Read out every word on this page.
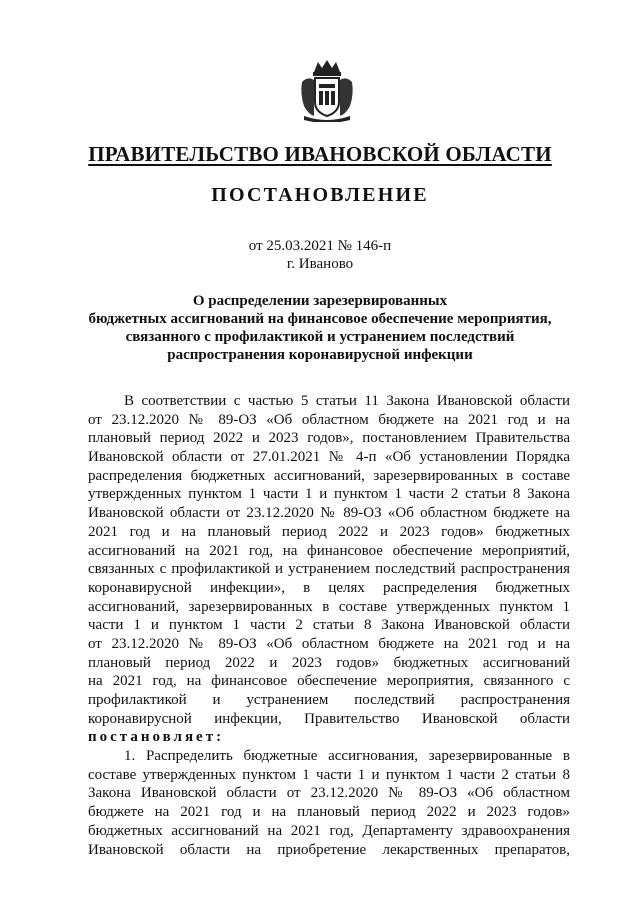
ПРАВИТЕЛЬСТВО ИВАНОВСКОЙ ОБЛАСТИ
ПОСТАНОВЛЕНИЕ
от 25.03.2021 № 146-п
г. Иваново
О распределении зарезервированных
бюджетных ассигнований на финансовое обеспечение мероприятия,
связанного с профилактикой и устранением последствий
распространения коронавирусной инфекции
В соответствии с частью 5 статьи 11 Закона Ивановской области
от 23.12.2020 № 89-ОЗ «Об областном бюджете на 2021 год и на
плановый период 2022 и 2023 годов», постановлением Правительства
Ивановской области от 27.01.2021 № 4-п «Об установлении Порядка
распределения бюджетных ассигнований, зарезервированных в составе
утвержденных пунктом 1 части 1 и пунктом 1 части 2 статьи 8 Закона
Ивановской области от 23.12.2020 № 89-ОЗ «Об областном бюджете на
2021 год и на плановый период 2022 и 2023 годов» бюджетных
ассигнований на 2021 год, на финансовое обеспечение мероприятий,
связанных с профилактикой и устранением последствий распространения
коронавирусной инфекции», в целях распределения бюджетных
ассигнований, зарезервированных в составе утвержденных пунктом 1
части 1 и пунктом 1 части 2 статьи 8 Закона Ивановской области
от 23.12.2020 № 89-ОЗ «Об областном бюджете на 2021 год и на
плановый период 2022 и 2023 годов» бюджетных ассигнований
на 2021 год, на финансовое обеспечение мероприятия, связанного с
профилактикой и устранением последствий распространения
коронавирусной инфекции, Правительство Ивановской области
постановляет:
1. Распределить бюджетные ассигнования, зарезервированные в
составе утвержденных пунктом 1 части 1 и пунктом 1 части 2 статьи 8
Закона Ивановской области от 23.12.2020 № 89-ОЗ «Об областном
бюджете на 2021 год и на плановый период 2022 и 2023 годов»
бюджетных ассигнований на 2021 год, Департаменту здравоохранения
Ивановской области на приобретение лекарственных препаратов,
